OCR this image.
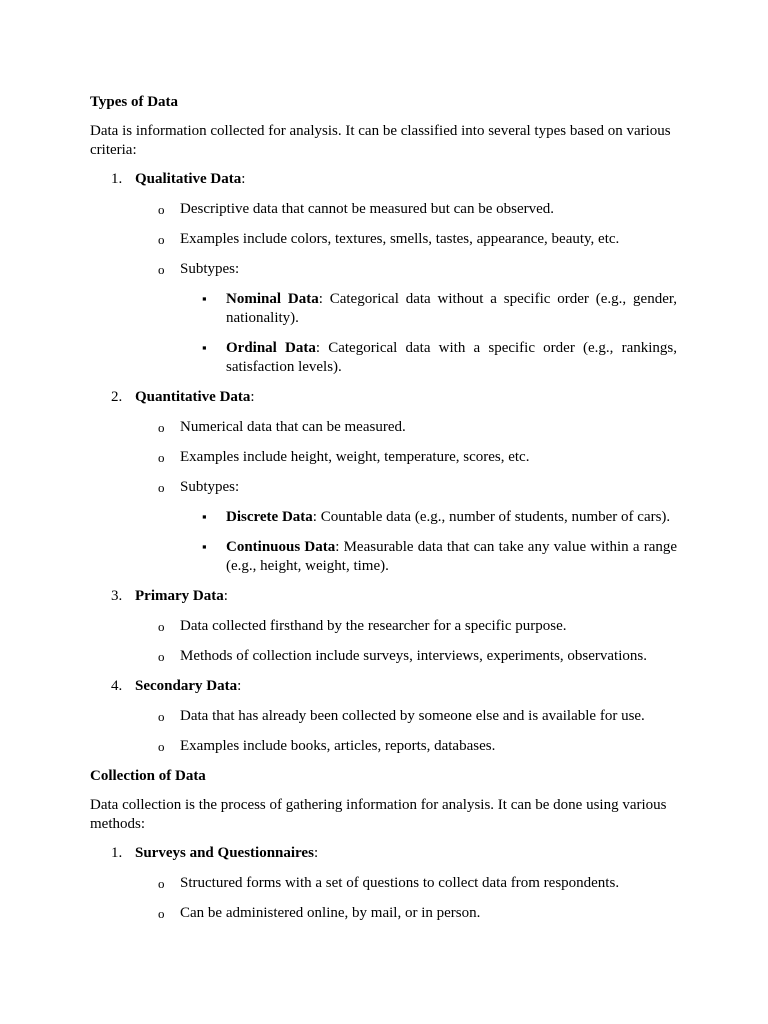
Types of Data
Data is information collected for analysis. It can be classified into several types based on various criteria:
1. Qualitative Data:
o Descriptive data that cannot be measured but can be observed.
o Examples include colors, textures, smells, tastes, appearance, beauty, etc.
o Subtypes:
▪ Nominal Data: Categorical data without a specific order (e.g., gender, nationality).
▪ Ordinal Data: Categorical data with a specific order (e.g., rankings, satisfaction levels).
2. Quantitative Data:
o Numerical data that can be measured.
o Examples include height, weight, temperature, scores, etc.
o Subtypes:
▪ Discrete Data: Countable data (e.g., number of students, number of cars).
▪ Continuous Data: Measurable data that can take any value within a range (e.g., height, weight, time).
3. Primary Data:
o Data collected firsthand by the researcher for a specific purpose.
o Methods of collection include surveys, interviews, experiments, observations.
4. Secondary Data:
o Data that has already been collected by someone else and is available for use.
o Examples include books, articles, reports, databases.
Collection of Data
Data collection is the process of gathering information for analysis. It can be done using various methods:
1. Surveys and Questionnaires:
o Structured forms with a set of questions to collect data from respondents.
o Can be administered online, by mail, or in person.
